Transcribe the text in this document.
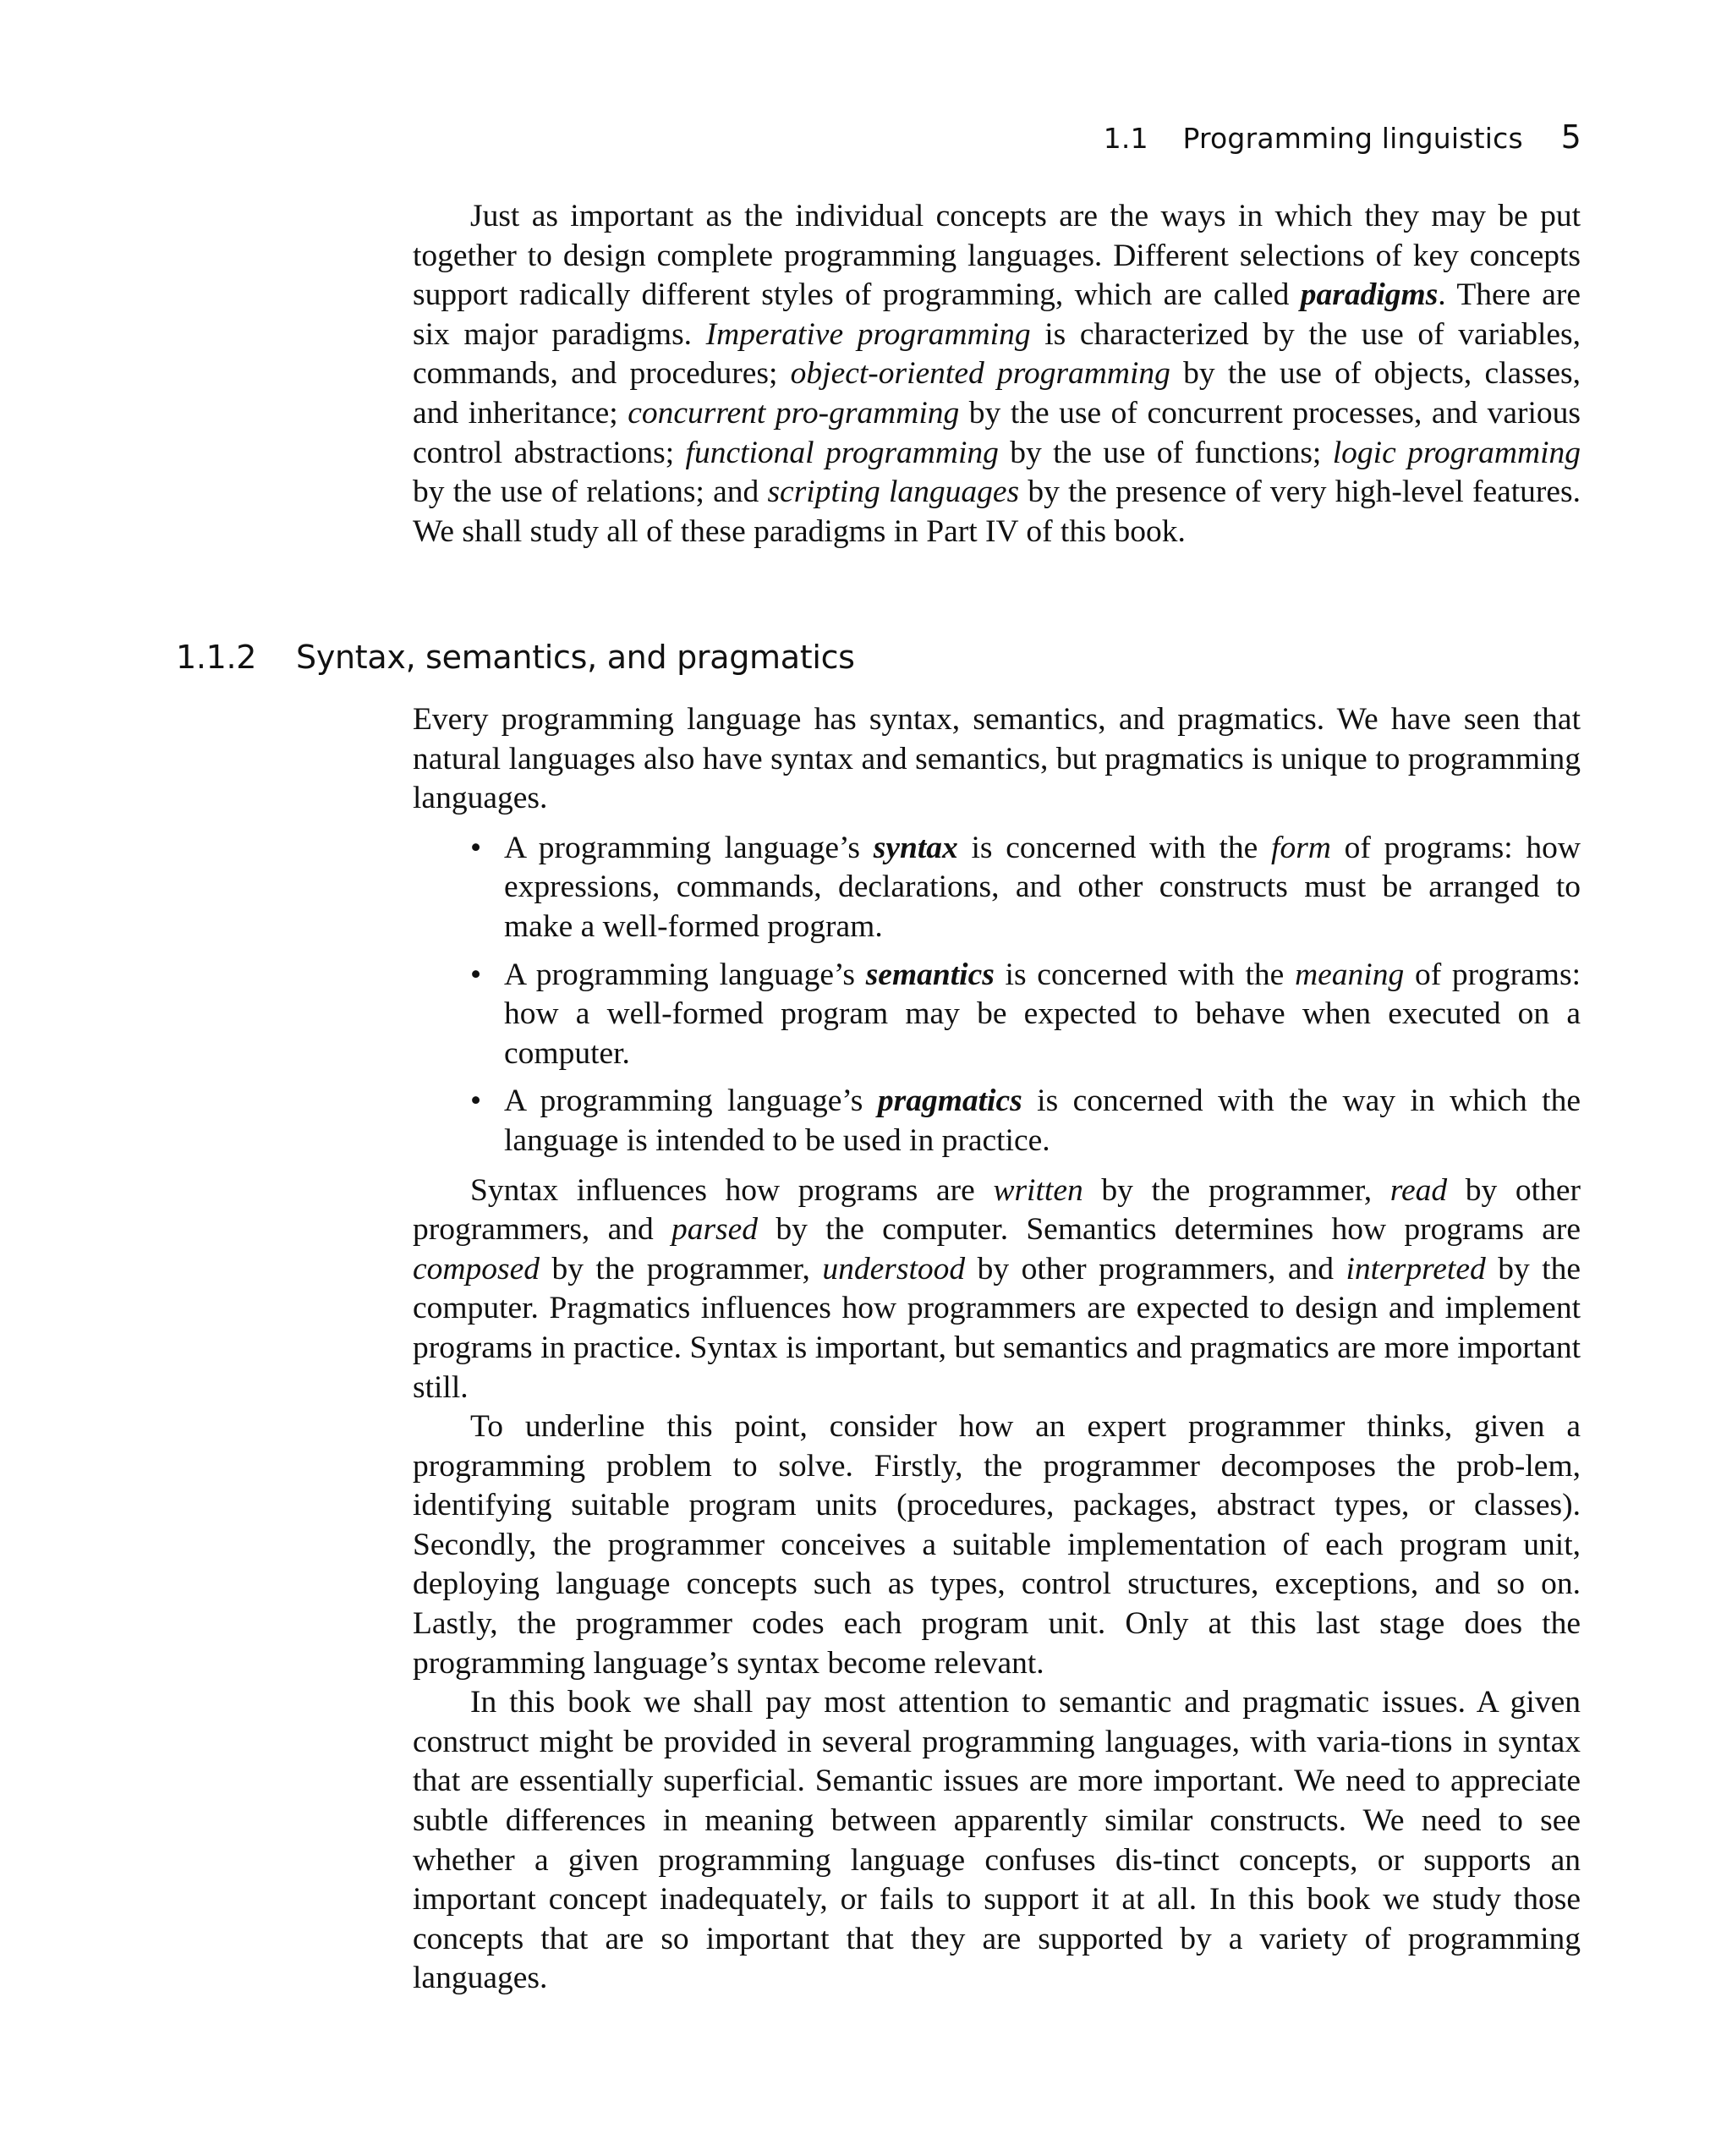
1.1 Programming linguistics 5

Just as important as the individual concepts are the ways in which they may be put together to design complete programming languages. Different selections of key concepts support radically different styles of programming, which are called paradigms. There are six major paradigms. Imperative programming is characterized by the use of variables, commands, and procedures; object-oriented programming by the use of objects, classes, and inheritance; concurrent pro-gramming by the use of concurrent processes, and various control abstractions; functional programming by the use of functions; logic programming by the use of relations; and scripting languages by the presence of very high-level features. We shall study all of these paradigms in Part IV of this book.

1.1.2 Syntax, semantics, and pragmatics

Every programming language has syntax, semantics, and pragmatics. We have seen that natural languages also have syntax and semantics, but pragmatics is unique to programming languages.

• A programming language’s syntax is concerned with the form of programs: how expressions, commands, declarations, and other constructs must be arranged to make a well-formed program.
• A programming language’s semantics is concerned with the meaning of programs: how a well-formed program may be expected to behave when executed on a computer.
• A programming language’s pragmatics is concerned with the way in which the language is intended to be used in practice.

Syntax influences how programs are written by the programmer, read by other programmers, and parsed by the computer. Semantics determines how programs are composed by the programmer, understood by other programmers, and interpreted by the computer. Pragmatics influences how programmers are expected to design and implement programs in practice. Syntax is important, but semantics and pragmatics are more important still.

To underline this point, consider how an expert programmer thinks, given a programming problem to solve. Firstly, the programmer decomposes the prob-lem, identifying suitable program units (procedures, packages, abstract types, or classes). Secondly, the programmer conceives a suitable implementation of each program unit, deploying language concepts such as types, control structures, exceptions, and so on. Lastly, the programmer codes each program unit. Only at this last stage does the programming language’s syntax become relevant.

In this book we shall pay most attention to semantic and pragmatic issues. A given construct might be provided in several programming languages, with varia-tions in syntax that are essentially superficial. Semantic issues are more important. We need to appreciate subtle differences in meaning between apparently similar constructs. We need to see whether a given programming language confuses dis-tinct concepts, or supports an important concept inadequately, or fails to support it at all. In this book we study those concepts that are so important that they are supported by a variety of programming languages.
